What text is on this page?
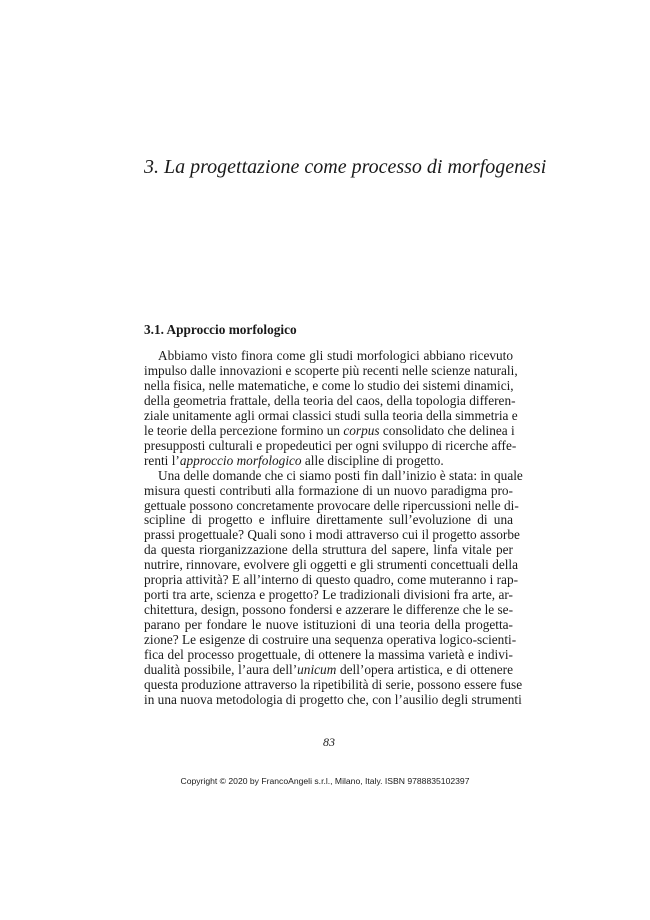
3. La progettazione come processo di morfogenesi
3.1. Approccio morfologico
Abbiamo visto finora come gli studi morfologici abbiano ricevuto
impulso dalle innovazioni e scoperte più recenti nelle scienze naturali,
nella fisica, nelle matematiche, e come lo studio dei sistemi dinamici,
della geometria frattale, della teoria del caos, della topologia differen-
ziale unitamente agli ormai classici studi sulla teoria della simmetria e
le teorie della percezione formino un corpus consolidato che delinea i
presupposti culturali e propedeutici per ogni sviluppo di ricerche affe-
renti l’approccio morfologico alle discipline di progetto.
Una delle domande che ci siamo posti fin dall’inizio è stata: in quale
misura questi contributi alla formazione di un nuovo paradigma pro-
gettuale possono concretamente provocare delle ripercussioni nelle di-
scipline di progetto e influire direttamente sull’evoluzione di una
prassi progettuale? Quali sono i modi attraverso cui il progetto assorbe
da questa riorganizzazione della struttura del sapere, linfa vitale per
nutrire, rinnovare, evolvere gli oggetti e gli strumenti concettuali della
propria attività? E all’interno di questo quadro, come muteranno i rap-
porti tra arte, scienza e progetto? Le tradizionali divisioni fra arte, ar-
chitettura, design, possono fondersi e azzerare le differenze che le se-
parano per fondare le nuove istituzioni di una teoria della progetta-
zione? Le esigenze di costruire una sequenza operativa logico-scienti-
fica del processo progettuale, di ottenere la massima varietà e indivi-
dualità possibile, l’aura dell’unicum dell’opera artistica, e di ottenere
questa produzione attraverso la ripetibilità di serie, possono essere fuse
in una nuova metodologia di progetto che, con l’ausilio degli strumenti
83
Copyright © 2020 by FrancoAngeli s.r.l., Milano, Italy. ISBN 9788835102397
